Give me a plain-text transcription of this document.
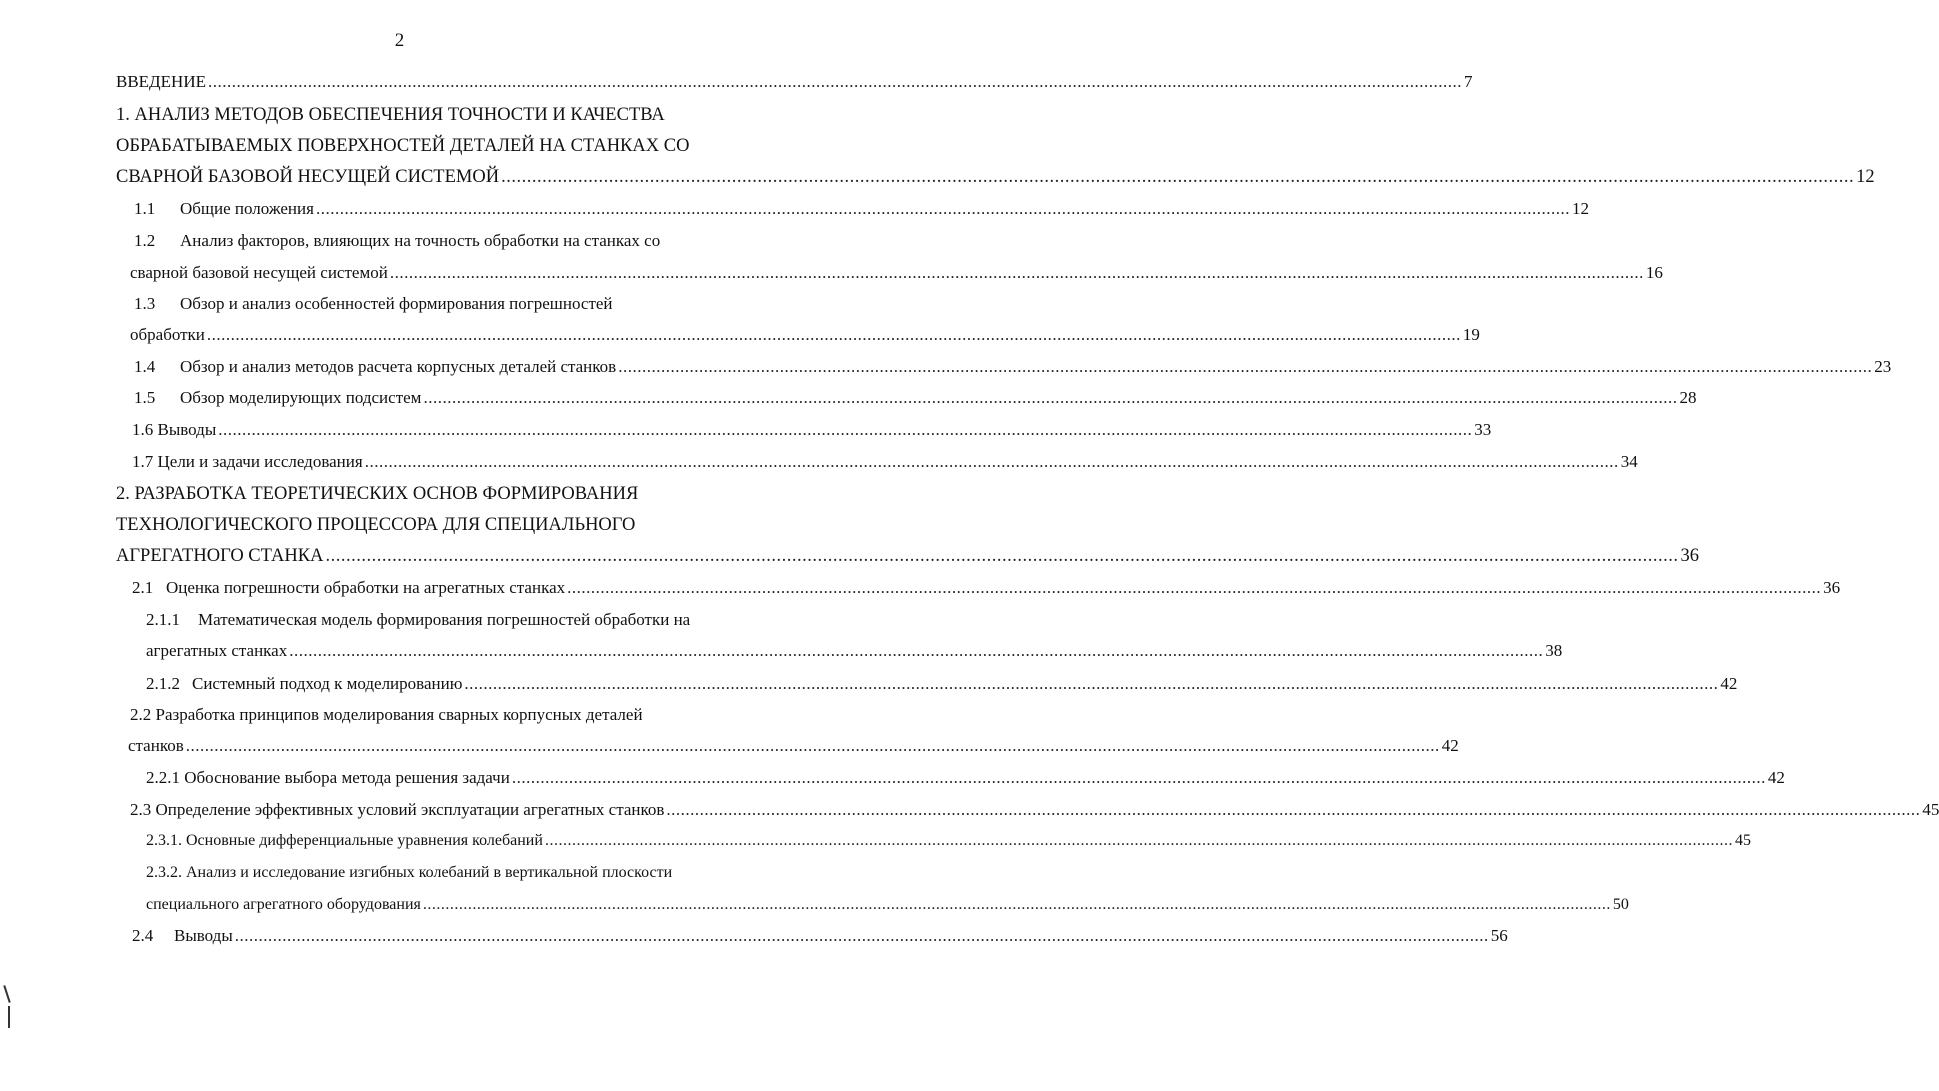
2
ВВЕДЕНИЕ .....	7
1. АНАЛИЗ МЕТОДОВ ОБЕСПЕЧЕНИЯ ТОЧНОСТИ И КАЧЕСТВА
ОБРАБАТЫВАЕМЫХ ПОВЕРХНОСТЕЙ ДЕТАЛЕЙ НА СТАНКАХ СО
СВАРНОЙ БАЗОВОЙ НЕСУЩЕЙ СИСТЕМОЙ .....	12
1.1	Общие положения .....	12
1.2	Анализ факторов, влияющих на точность обработки на станках со
сварной базовой несущей системой .....	16
1.3	Обзор и анализ особенностей формирования погрешностей
обработки .....	19
1.4	Обзор и анализ методов расчета корпусных деталей станков .....	23
1.5	Обзор моделирующих подсистем .....	28
1.6 Выводы .....	33
1.7 Цели и задачи исследования .....	34
2. РАЗРАБОТКА ТЕОРЕТИЧЕСКИХ ОСНОВ ФОРМИРОВАНИЯ
ТЕХНОЛОГИЧЕСКОГО ПРОЦЕССОРА ДЛЯ СПЕЦИАЛЬНОГО
АГРЕГАТНОГО СТАНКА .....	36
2.1 Оценка погрешности обработки на агрегатных станках .....	36
2.1.1	Математическая модель формирования погрешностей обработки на
агрегатных станках .....	38
2.1.2 Системный подход к моделированию .....	42
2.2 Разработка принципов моделирования сварных корпусных деталей
станков .....	42
2.2.1 Обоснование выбора метода решения задачи .....	42
2.3 Определение эффективных условий эксплуатации агрегатных станков .....	45
2.3.1. Основные дифференциальные уравнения колебаний .....	45
2.3.2. Анализ и исследование изгибных колебаний в вертикальной плоскости
специального агрегатного оборудования .....	50
2.4	Выводы .....	56
